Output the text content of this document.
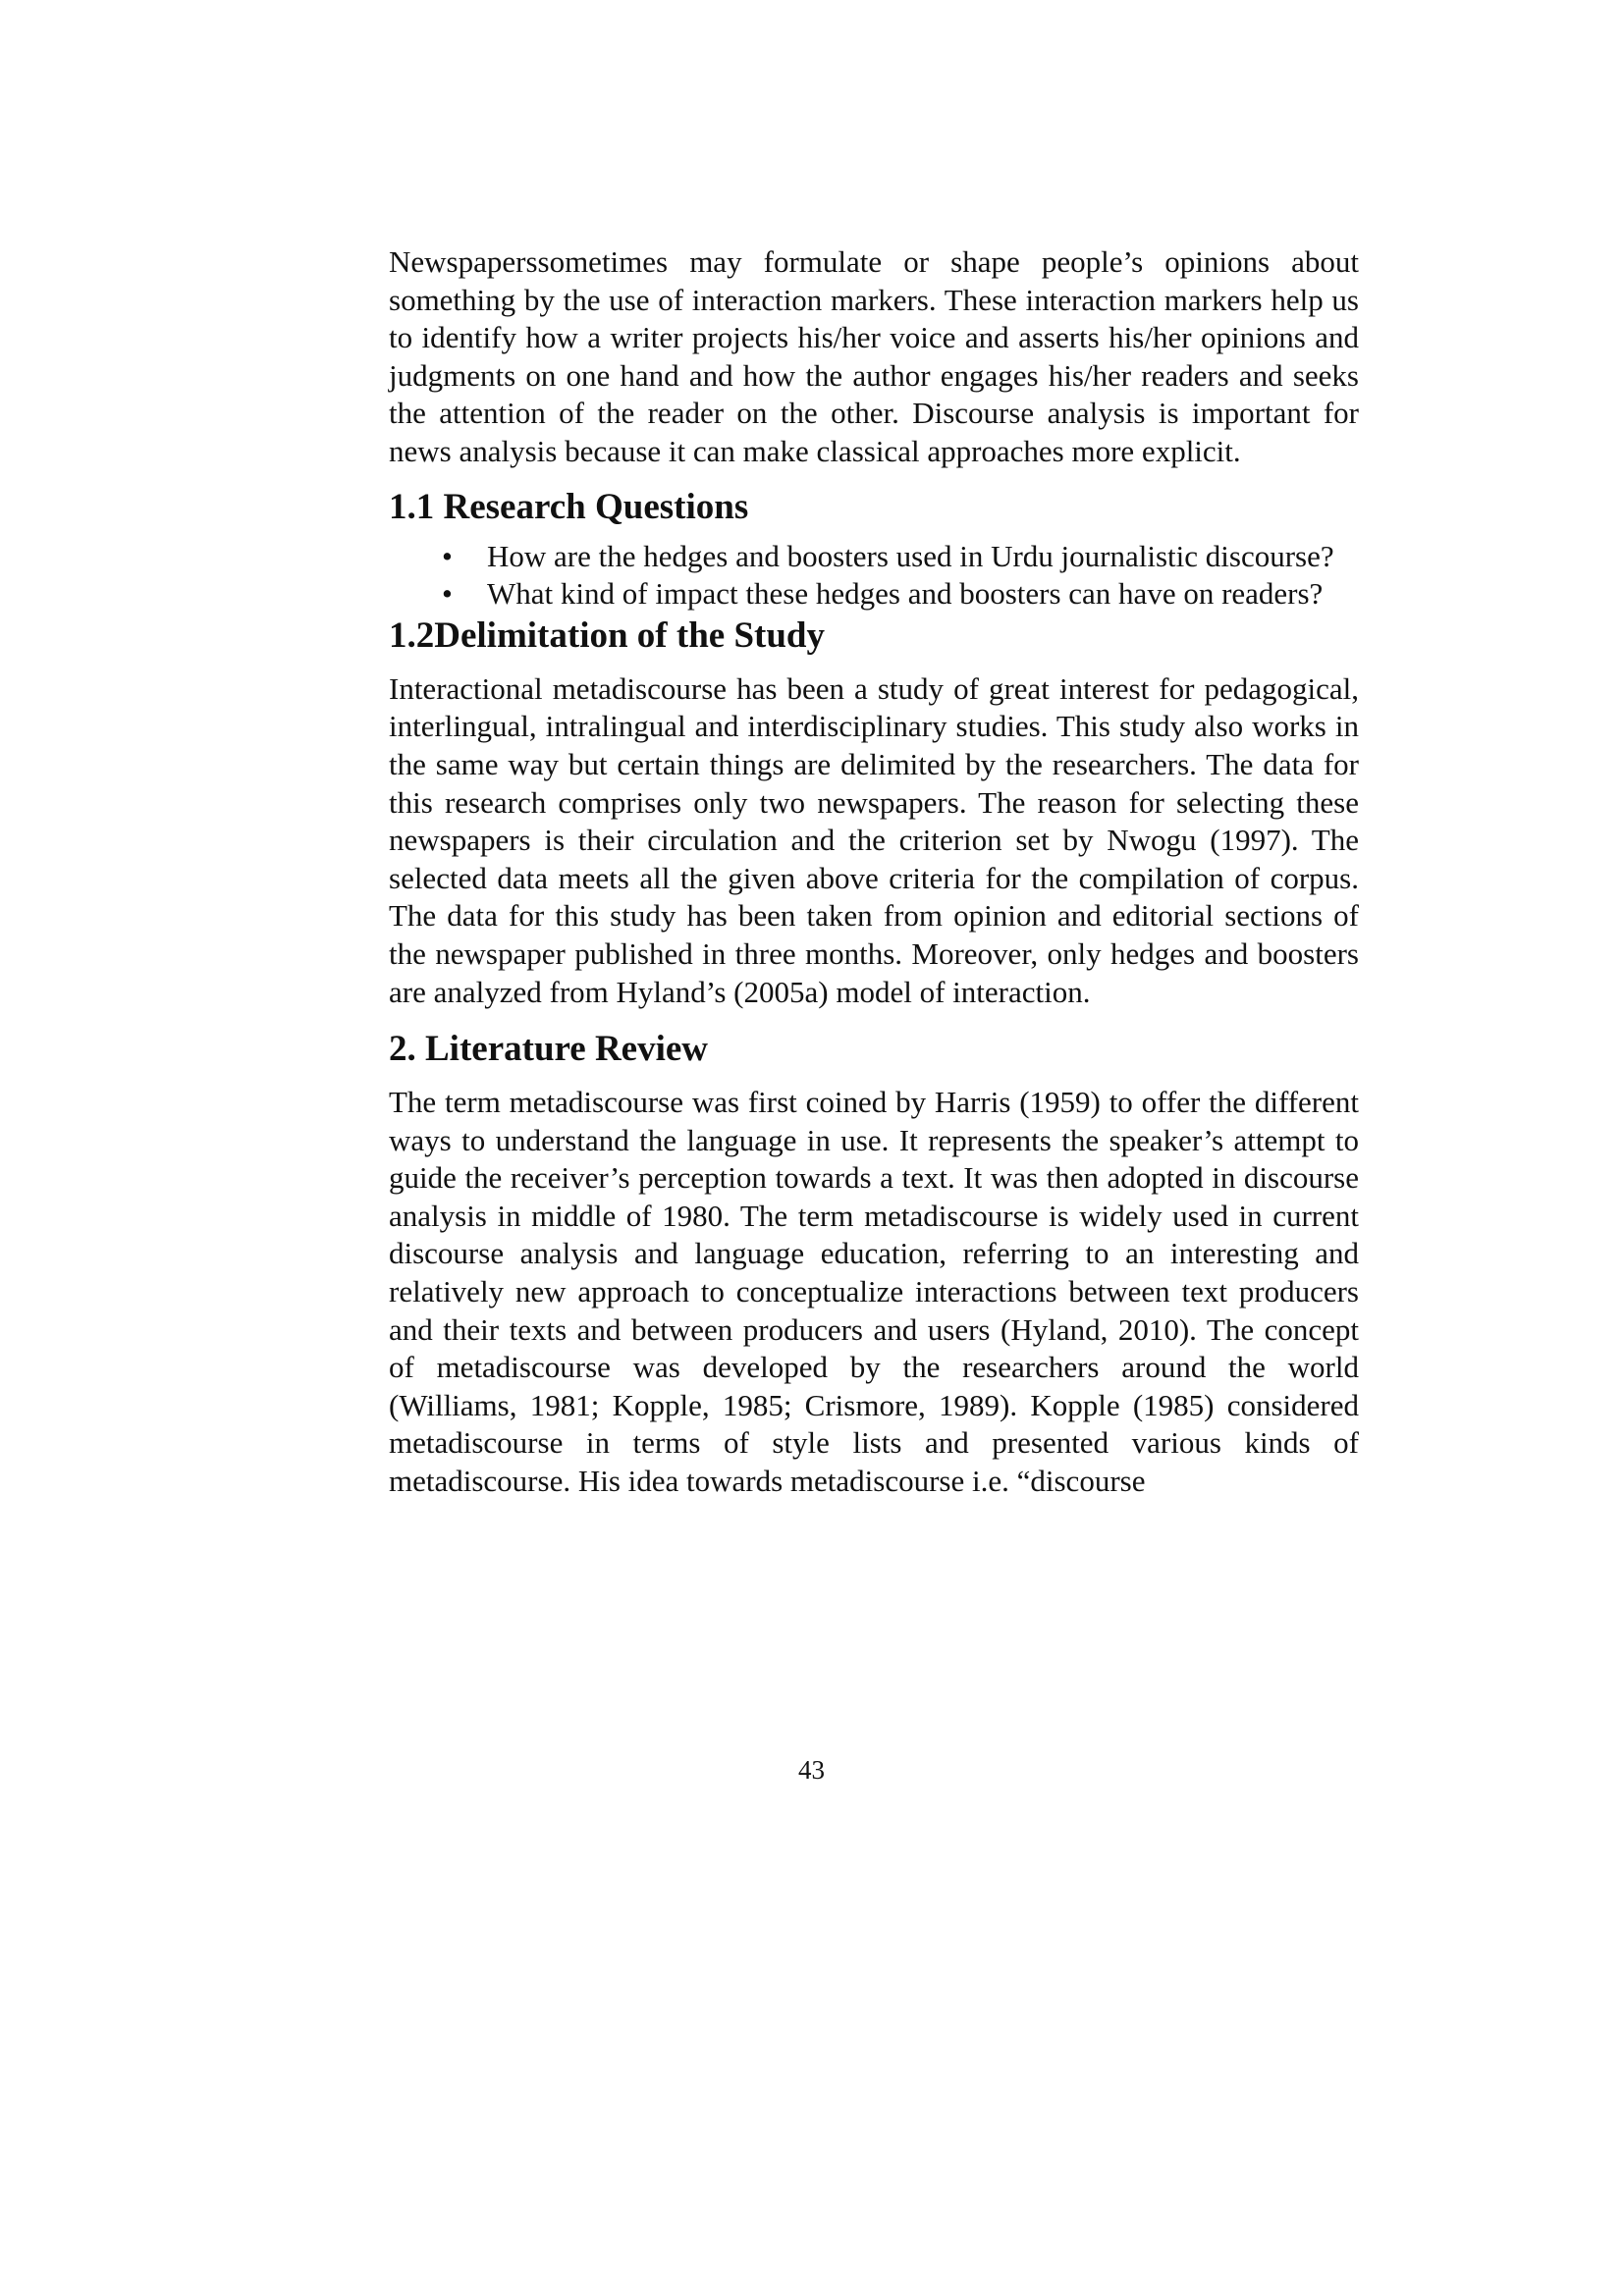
Newspaperssometimes may formulate or shape people’s opinions about something by the use of interaction markers. These interaction markers help us to identify how a writer projects his/her voice and asserts his/her opinions and judgments on one hand and how the author engages his/her readers and seeks the attention of the reader on the other. Discourse analysis is important for news analysis because it can make classical approaches more explicit.

1.1 Research Questions
• How are the hedges and boosters used in Urdu journalistic discourse?
• What kind of impact these hedges and boosters can have on readers?
1.2Delimitation of the Study

Interactional metadiscourse has been a study of great interest for pedagogical, interlingual, intralingual and interdisciplinary studies. This study also works in the same way but certain things are delimited by the researchers. The data for this research comprises only two newspapers. The reason for selecting these newspapers is their circulation and the criterion set by Nwogu (1997). The selected data meets all the given above criteria for the compilation of corpus. The data for this study has been taken from opinion and editorial sections of the newspaper published in three months. Moreover, only hedges and boosters are analyzed from Hyland’s (2005a) model of interaction.

2. Literature Review

The term metadiscourse was first coined by Harris (1959) to offer the different ways to understand the language in use. It represents the speaker’s attempt to guide the receiver’s perception towards a text. It was then adopted in discourse analysis in middle of 1980. The term metadiscourse is widely used in current discourse analysis and language education, referring to an interesting and relatively new approach to conceptualize interactions between text producers and their texts and between producers and users (Hyland, 2010). The concept of metadiscourse was developed by the researchers around the world (Williams, 1981; Kopple, 1985; Crismore, 1989). Kopple (1985) considered metadiscourse in terms of style lists and presented various kinds of metadiscourse. His idea towards metadiscourse i.e. “discourse

43
